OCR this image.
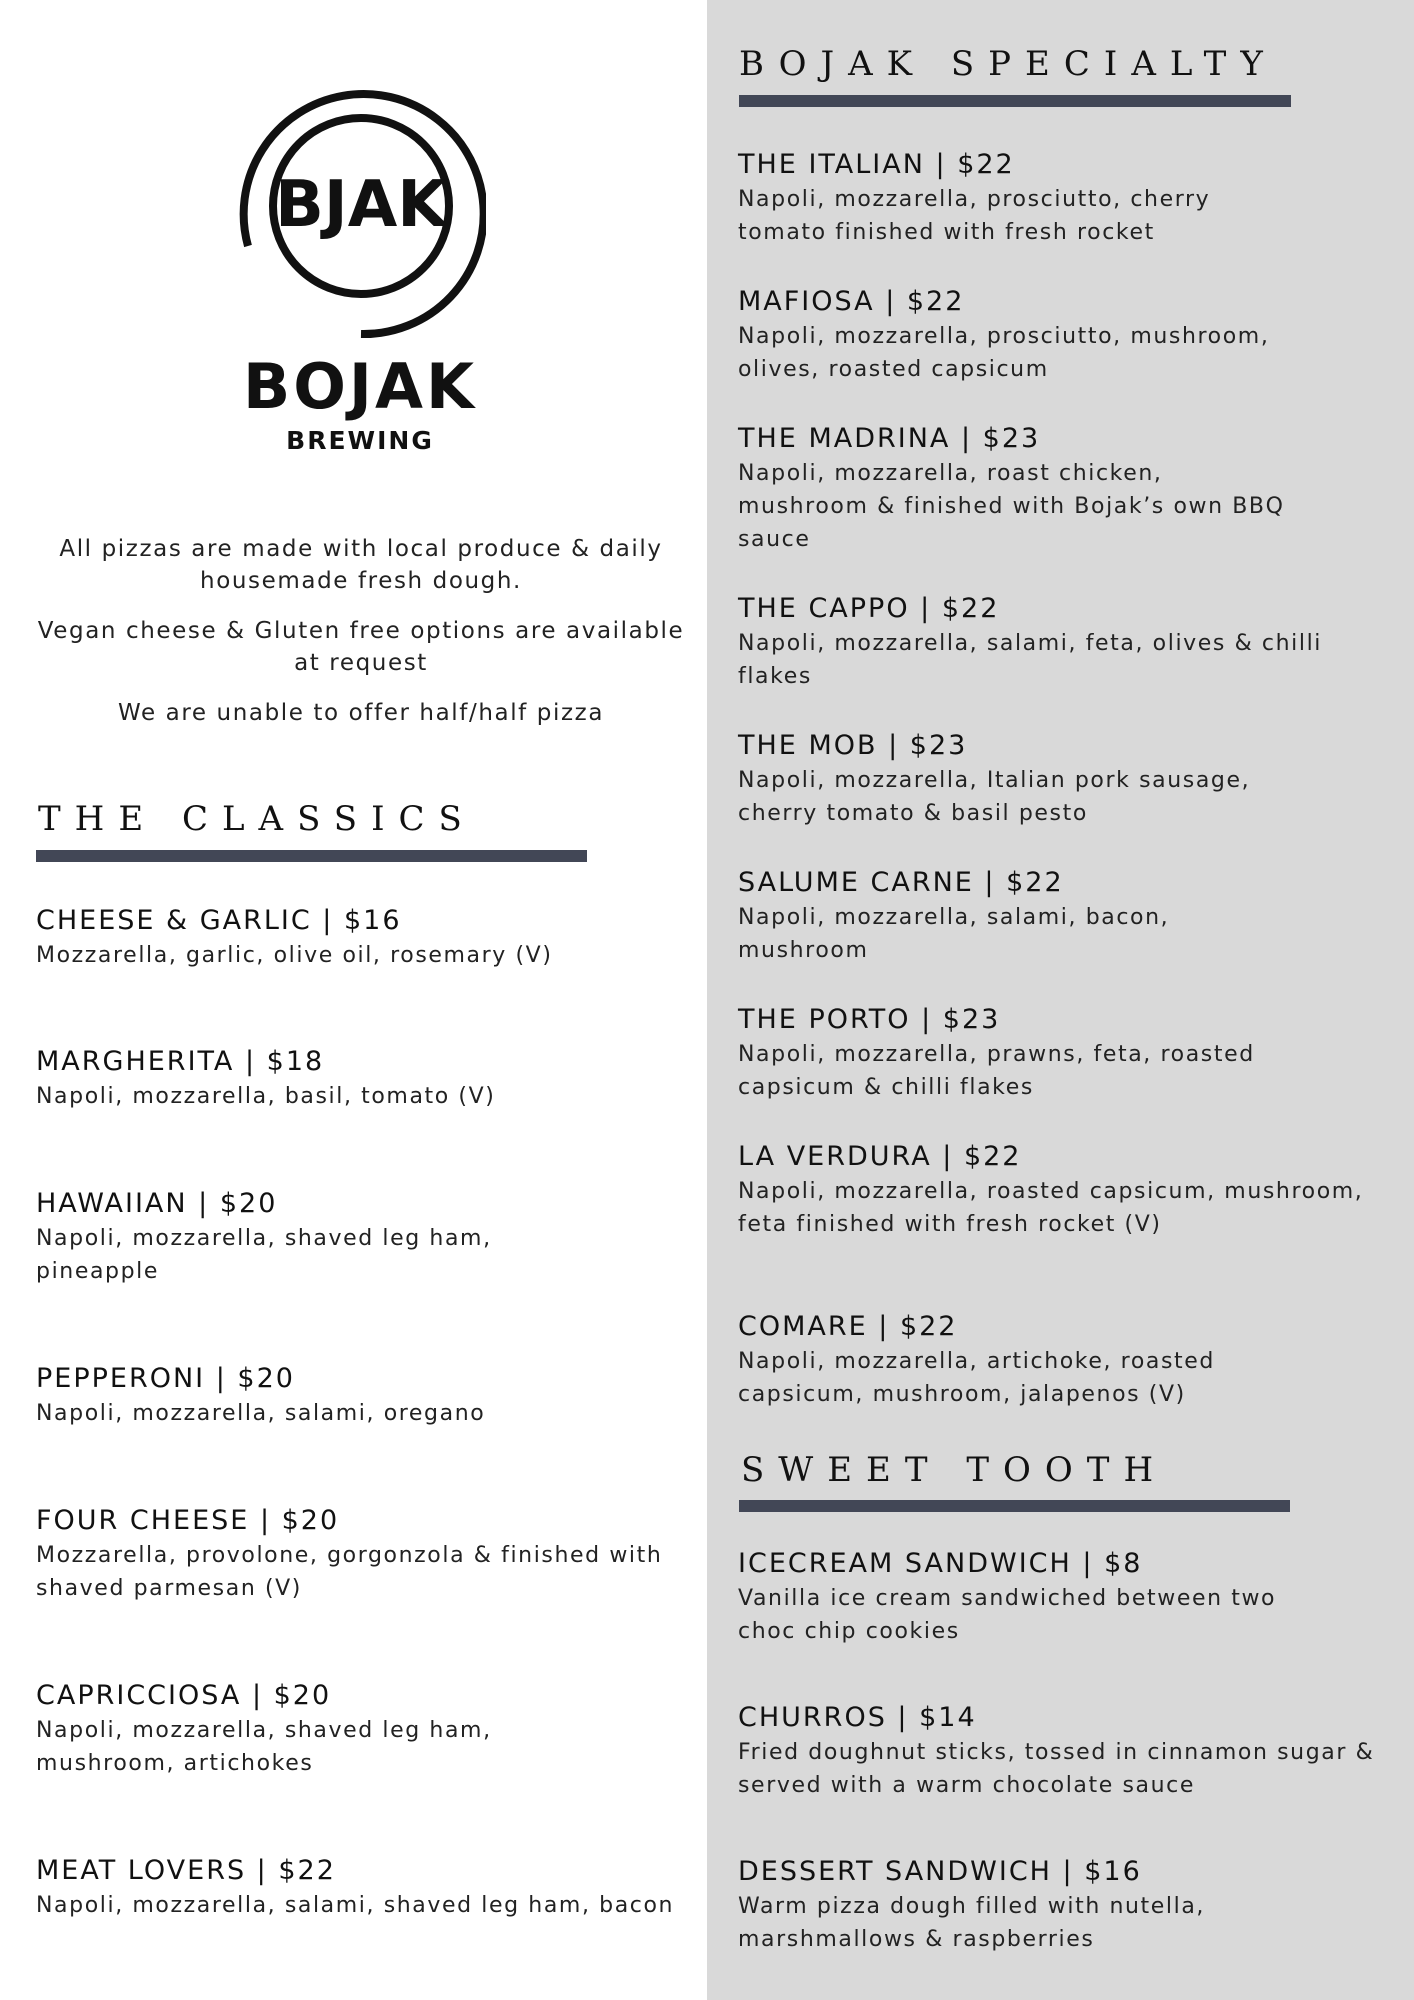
BJAK
BOJAK
BREWING
All pizzas are made with local produce & daily housemade fresh dough.
Vegan cheese & Gluten free options are available at request
We are unable to offer half/half pizza
THE CLASSICS
CHEESE & GARLIC | $16
Mozzarella, garlic, olive oil, rosemary (V)
MARGHERITA | $18
Napoli, mozzarella, basil, tomato (V)
HAWAIIAN | $20
Napoli, mozzarella, shaved leg ham, pineapple
PEPPERONI | $20
Napoli, mozzarella, salami, oregano
FOUR CHEESE | $20
Mozzarella, provolone, gorgonzola & finished with shaved parmesan (V)
CAPRICCIOSA | $20
Napoli, mozzarella, shaved leg ham, mushroom, artichokes
MEAT LOVERS | $22
Napoli, mozzarella, salami, shaved leg ham, bacon
BOJAK SPECIALTY
THE ITALIAN | $22
Napoli, mozzarella, prosciutto, cherry tomato finished with fresh rocket
MAFIOSA | $22
Napoli, mozzarella, prosciutto, mushroom, olives, roasted capsicum
THE MADRINA | $23
Napoli, mozzarella, roast chicken, mushroom & finished with Bojak’s own BBQ sauce
THE CAPPO | $22
Napoli, mozzarella, salami, feta, olives & chilli flakes
THE MOB | $23
Napoli, mozzarella, Italian pork sausage, cherry tomato & basil pesto
SALUME CARNE | $22
Napoli, mozzarella, salami, bacon, mushroom
THE PORTO | $23
Napoli, mozzarella, prawns, feta, roasted capsicum & chilli flakes
LA VERDURA | $22
Napoli, mozzarella, roasted capsicum, mushroom, feta finished with fresh rocket (V)
COMARE | $22
Napoli, mozzarella, artichoke, roasted capsicum, mushroom, jalapenos (V)
SWEET TOOTH
ICECREAM SANDWICH | $8
Vanilla ice cream sandwiched between two choc chip cookies
CHURROS | $14
Fried doughnut sticks, tossed in cinnamon sugar & served with a warm chocolate sauce
DESSERT SANDWICH | $16
Warm pizza dough filled with nutella, marshmallows & raspberries
